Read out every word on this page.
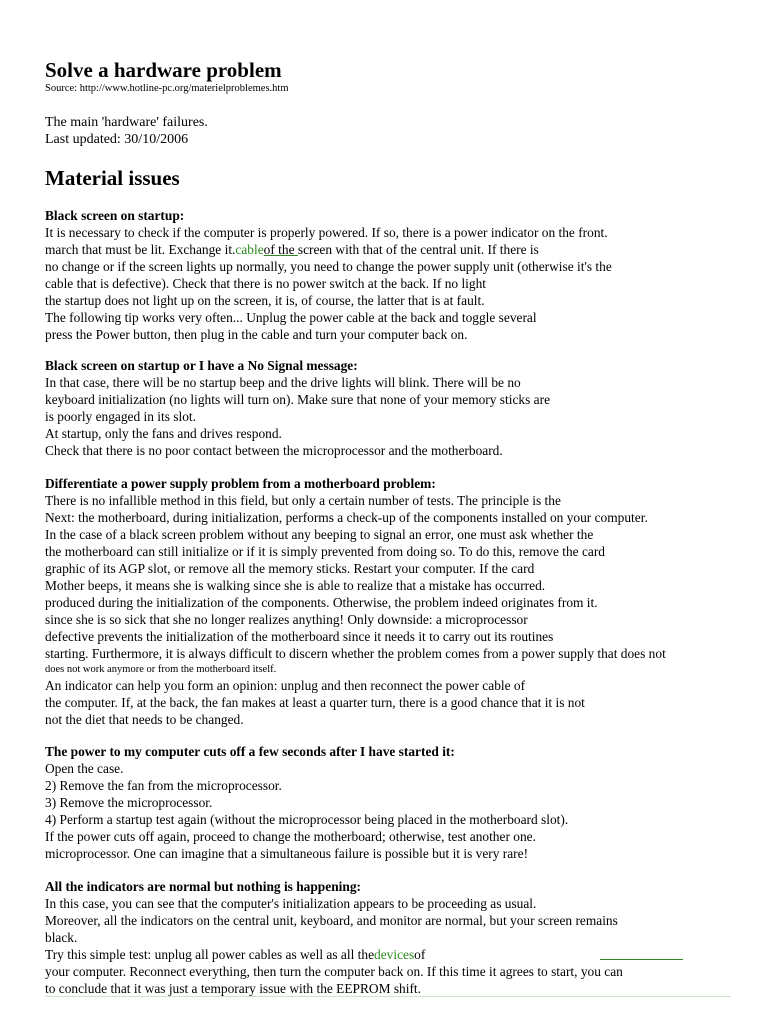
Solve a hardware problem
Source: http://www.hotline-pc.org/materielproblemes.htm
The main 'hardware' failures.
Last updated: 30/10/2006
Material issues
Black screen on startup:
It is necessary to check if the computer is properly powered. If so, there is a power indicator on the front.
march that must be lit. Exchange it.cableof the screen with that of the central unit. If there is
no change or if the screen lights up normally, you need to change the power supply unit (otherwise it's the
cable that is defective). Check that there is no power switch at the back. If no light
the startup does not light up on the screen, it is, of course, the latter that is at fault.
The following tip works very often... Unplug the power cable at the back and toggle several
press the Power button, then plug in the cable and turn your computer back on.
Black screen on startup or I have a No Signal message:
In that case, there will be no startup beep and the drive lights will blink. There will be no
keyboard initialization (no lights will turn on). Make sure that none of your memory sticks are
is poorly engaged in its slot.
At startup, only the fans and drives respond.
Check that there is no poor contact between the microprocessor and the motherboard.
Differentiate a power supply problem from a motherboard problem:
There is no infallible method in this field, but only a certain number of tests. The principle is the
Next: the motherboard, during initialization, performs a check-up of the components installed on your computer.
In the case of a black screen problem without any beeping to signal an error, one must ask whether the
the motherboard can still initialize or if it is simply prevented from doing so. To do this, remove the card
graphic of its AGP slot, or remove all the memory sticks. Restart your computer. If the card
Mother beeps, it means she is walking since she is able to realize that a mistake has occurred.
produced during the initialization of the components. Otherwise, the problem indeed originates from it.
since she is so sick that she no longer realizes anything! Only downside: a microprocessor
defective prevents the initialization of the motherboard since it needs it to carry out its routines
starting. Furthermore, it is always difficult to discern whether the problem comes from a power supply that does not
does not work anymore or from the motherboard itself.
An indicator can help you form an opinion: unplug and then reconnect the power cable of
the computer. If, at the back, the fan makes at least a quarter turn, there is a good chance that it is not
not the diet that needs to be changed.
The power to my computer cuts off a few seconds after I have started it:
Open the case.
2) Remove the fan from the microprocessor.
3) Remove the microprocessor.
4) Perform a startup test again (without the microprocessor being placed in the motherboard slot).
If the power cuts off again, proceed to change the motherboard; otherwise, test another one.
microprocessor. One can imagine that a simultaneous failure is possible but it is very rare!
All the indicators are normal but nothing is happening:
In this case, you can see that the computer's initialization appears to be proceeding as usual.
Moreover, all the indicators on the central unit, keyboard, and monitor are normal, but your screen remains
black.
Try this simple test: unplug all power cables as well as all thedevicesof
your computer. Reconnect everything, then turn the computer back on. If this time it agrees to start, you can
to conclude that it was just a temporary issue with the EEPROM shift.
